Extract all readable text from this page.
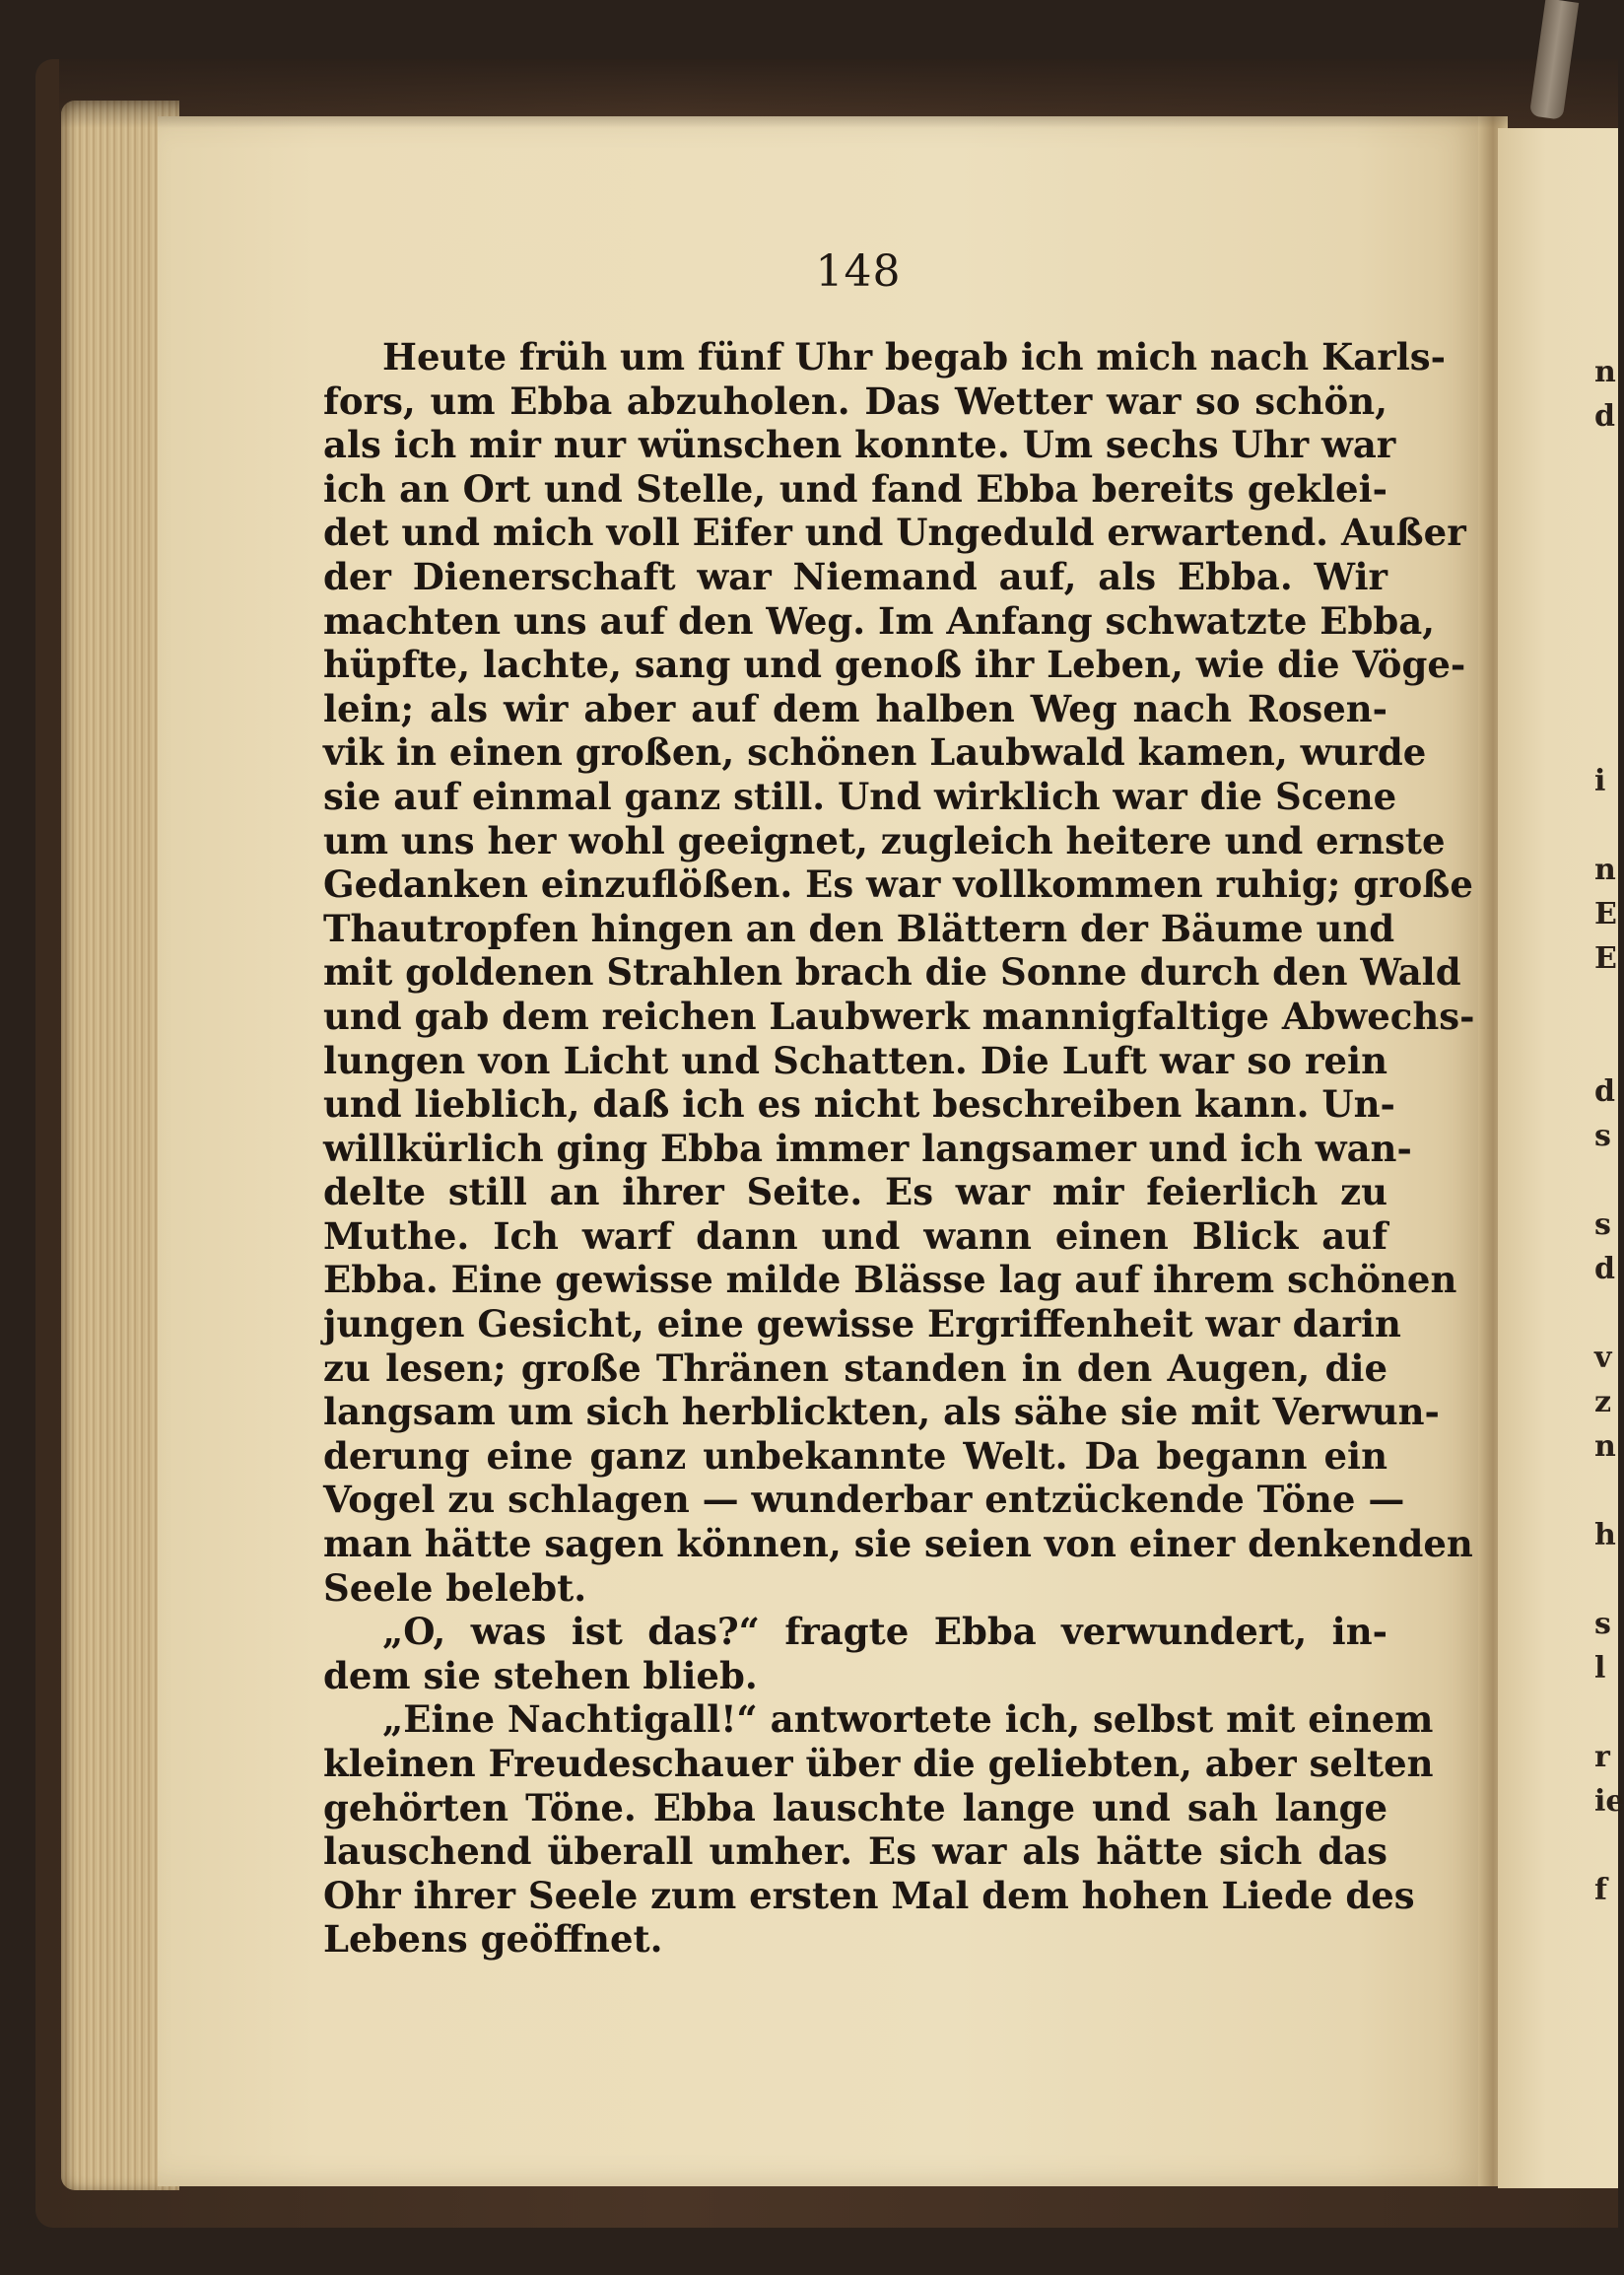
148
Heute früh um fünf Uhr begab ich mich nach Karls-
fors, um Ebba abzuholen. Das Wetter war so schön,
als ich mir nur wünschen konnte. Um sechs Uhr war
ich an Ort und Stelle, und fand Ebba bereits geklei-
det und mich voll Eifer und Ungeduld erwartend. Außer
der Dienerschaft war Niemand auf, als Ebba. Wir
machten uns auf den Weg. Im Anfang schwatzte Ebba,
hüpfte, lachte, sang und genoß ihr Leben, wie die Vöge-
lein; als wir aber auf dem halben Weg nach Rosen-
vik in einen großen, schönen Laubwald kamen, wurde
sie auf einmal ganz still. Und wirklich war die Scene
um uns her wohl geeignet, zugleich heitere und ernste
Gedanken einzuflößen. Es war vollkommen ruhig; große
Thautropfen hingen an den Blättern der Bäume und
mit goldenen Strahlen brach die Sonne durch den Wald
und gab dem reichen Laubwerk mannigfaltige Abwechs-
lungen von Licht und Schatten. Die Luft war so rein
und lieblich, daß ich es nicht beschreiben kann. Un-
willkürlich ging Ebba immer langsamer und ich wan-
delte still an ihrer Seite. Es war mir feierlich zu
Muthe. Ich warf dann und wann einen Blick auf
Ebba. Eine gewisse milde Blässe lag auf ihrem schönen
jungen Gesicht, eine gewisse Ergriffenheit war darin
zu lesen; große Thränen standen in den Augen, die
langsam um sich herblickten, als sähe sie mit Verwun-
derung eine ganz unbekannte Welt. Da begann ein
Vogel zu schlagen — wunderbar entzückende Töne —
man hätte sagen können, sie seien von einer denkenden
Seele belebt.
„O, was ist das?“ fragte Ebba verwundert, in-
dem sie stehen blieb.
„Eine Nachtigall!“ antwortete ich, selbst mit einem
kleinen Freudeschauer über die geliebten, aber selten
gehörten Töne. Ebba lauschte lange und sah lange
lauschend überall umher. Es war als hätte sich das
Ohr ihrer Seele zum ersten Mal dem hohen Liede des
Lebens geöffnet.
n
d
i
n
E
E
d
s
s
d
v
z
n
h
s
l
r
ie
f
